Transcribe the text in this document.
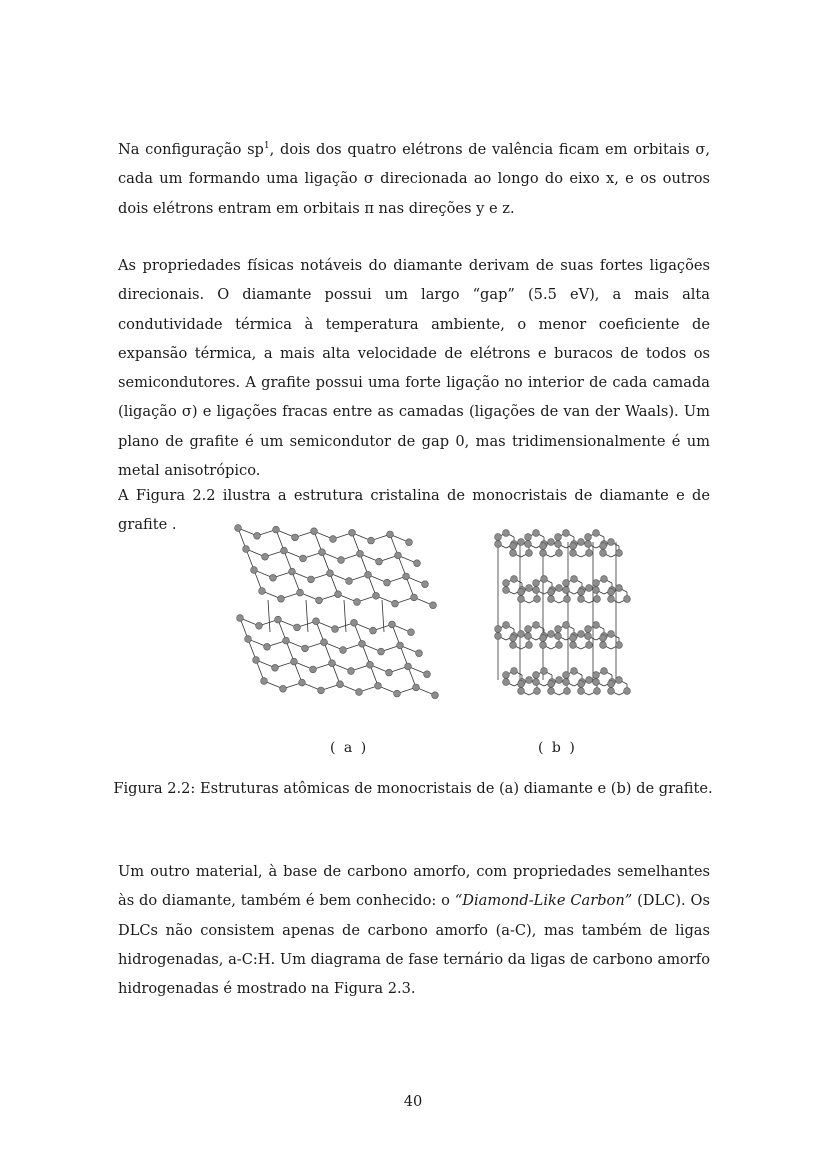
Na configuração $sp^1$, dois dos quatro elétrons de valência ficam em orbitais σ, cada um formando uma ligação σ direcionada ao longo do eixo x, e os outros dois elétrons entram em orbitais π nas direções y e z.

As propriedades físicas notáveis do diamante derivam de suas fortes ligações direcionais. O diamante possui um largo “gap” (5.5 eV), a mais alta condutividade térmica à temperatura ambiente, o menor coeficiente de expansão térmica, a mais alta velocidade de elétrons e buracos de todos os semicondutores. A grafite possui uma forte ligação no interior de cada camada (ligação σ) e ligações fracas entre as camadas (ligações de van der Waals). Um plano de grafite é um semicondutor de gap 0, mas tridimensionalmente é um metal anisotrópico.

A Figura 2.2 ilustra a estrutura cristalina de monocristais de diamante e de grafite .

( a )	( b )

Figura 2.2: Estruturas atômicas de monocristais de (a) diamante e (b) de grafite.

Um outro material, à base de carbono amorfo, com propriedades semelhantes às do diamante, também é bem conhecido: o “Diamond-Like Carbon” (DLC). Os DLCs não consistem apenas de carbono amorfo (a-C), mas também de ligas hidrogenadas, a-C:H. Um diagrama de fase ternário da ligas de carbono amorfo hidrogenadas é mostrado na Figura 2.3.

40
